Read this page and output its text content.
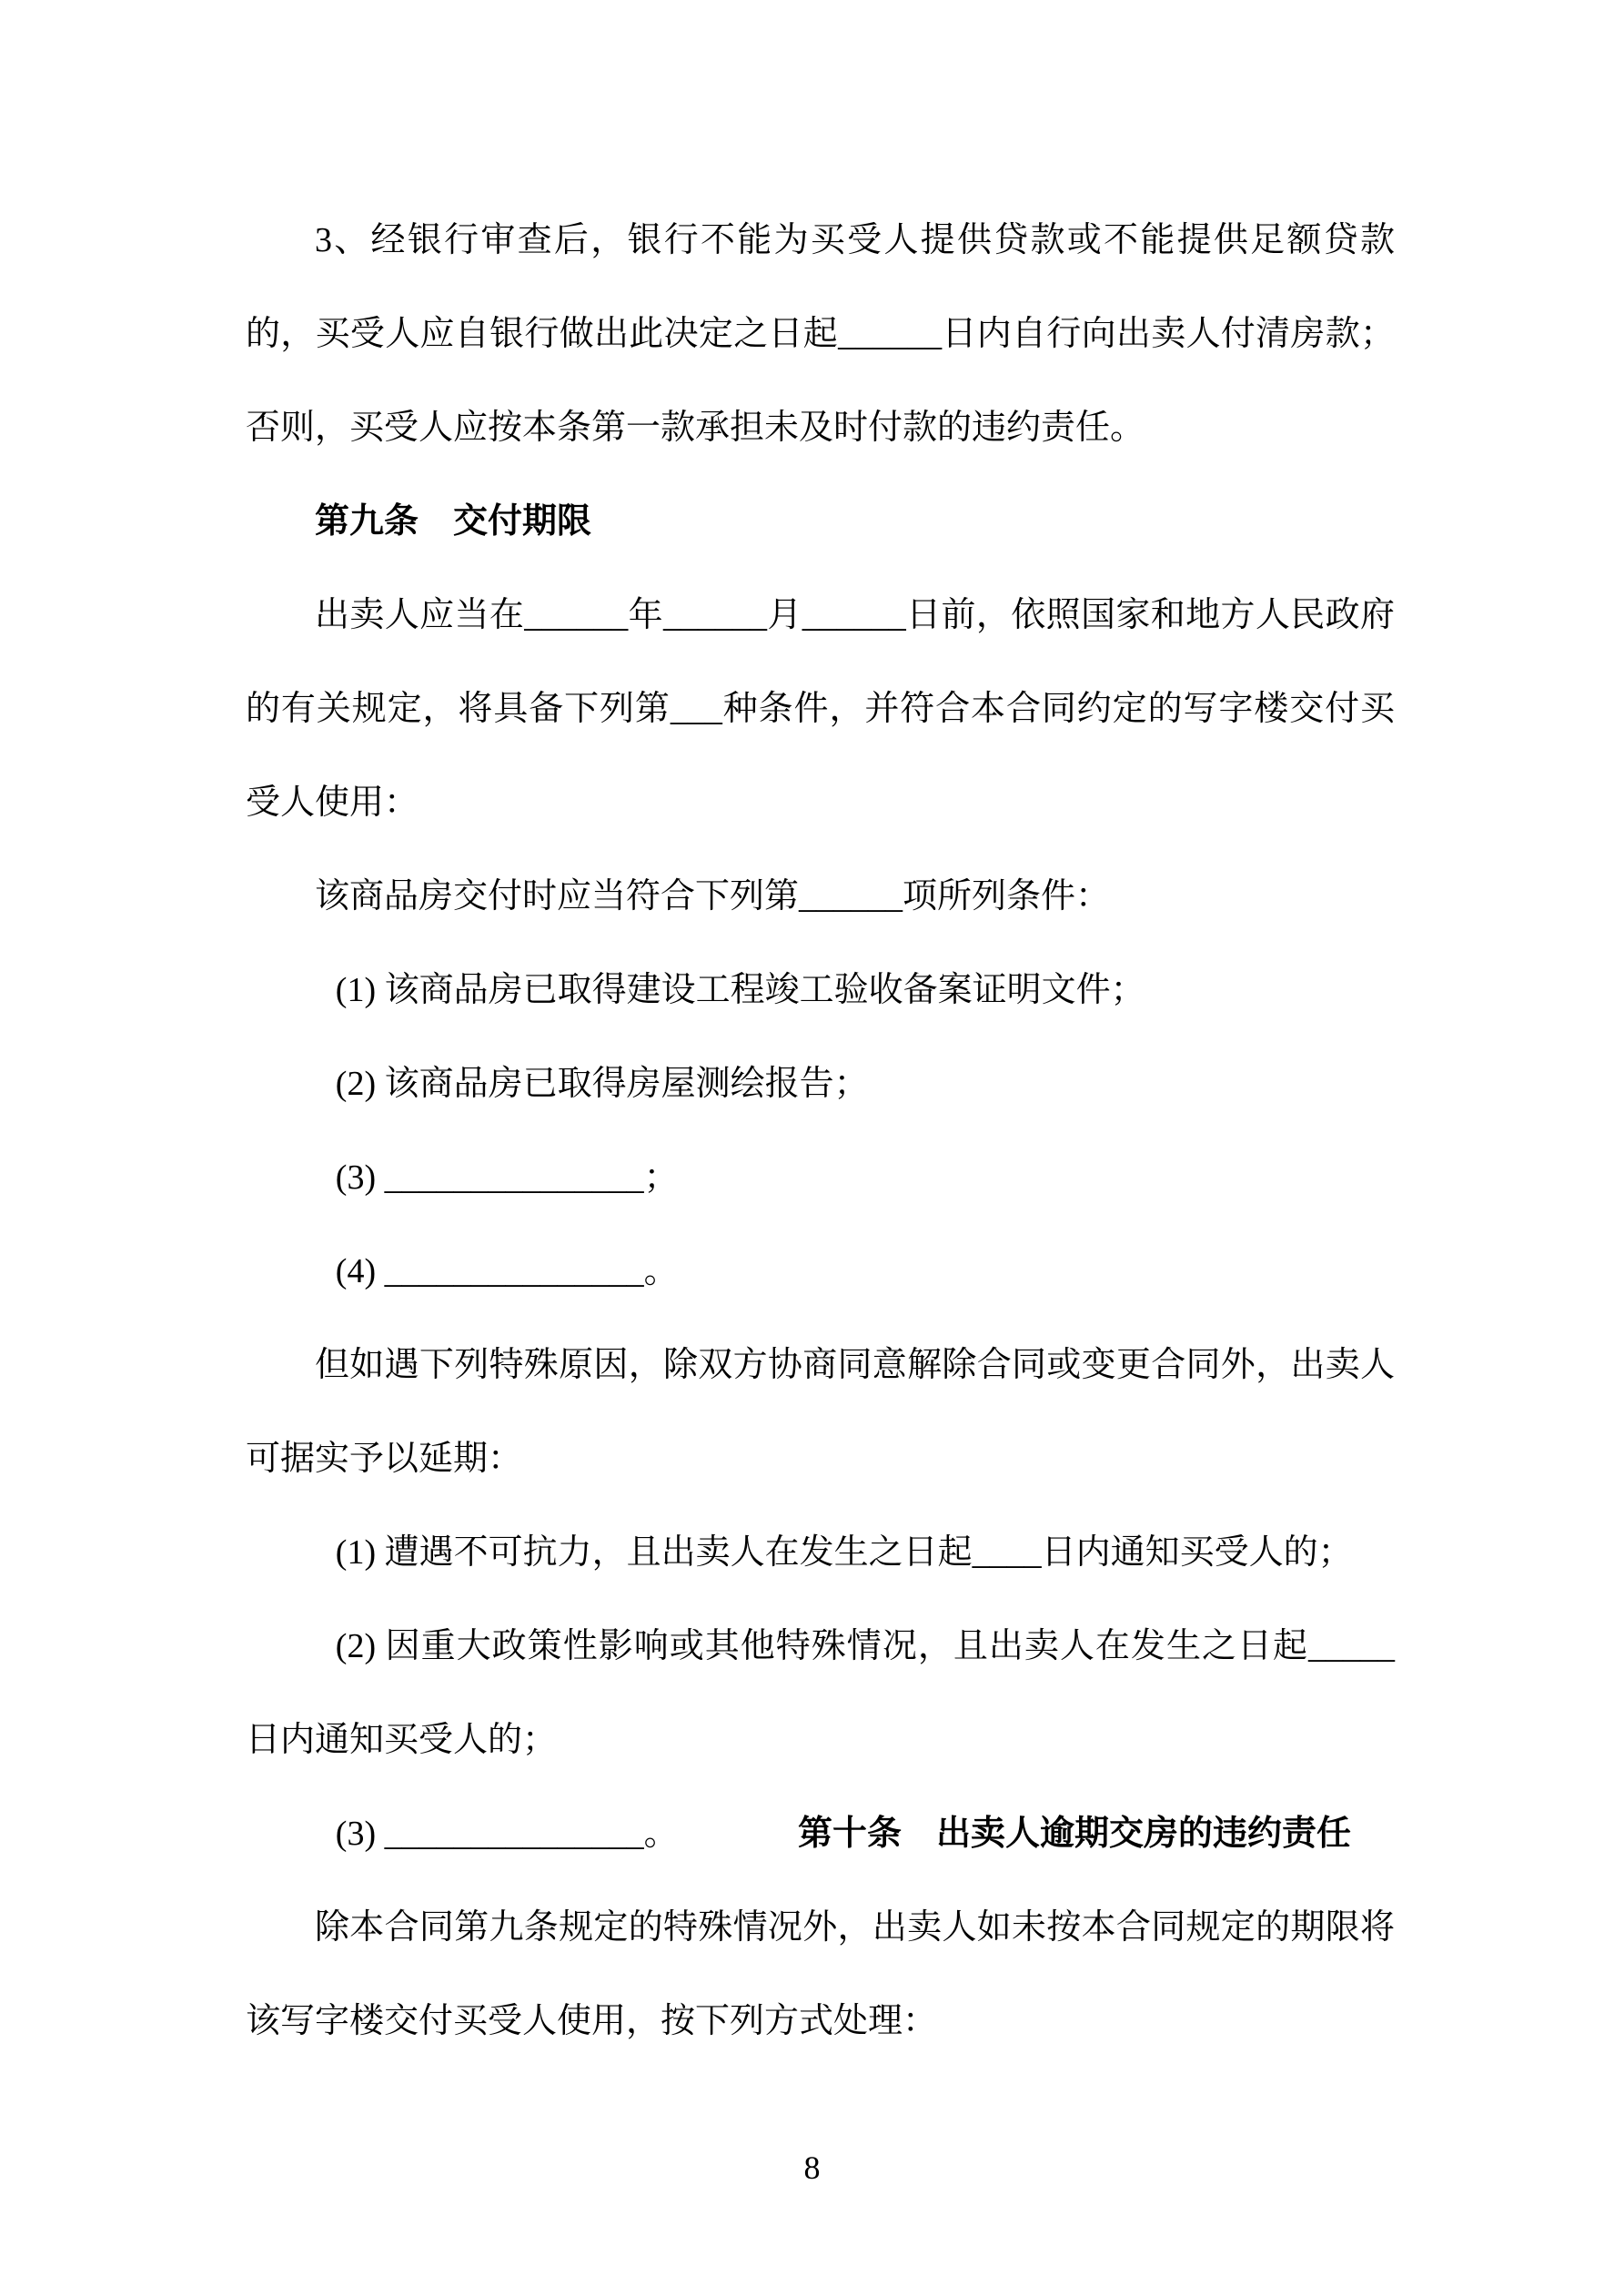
3、经银行审查后，银行不能为买受人提供贷款或不能提供足额贷款的，买受人应自银行做出此决定之日起______日内自行向出卖人付清房款；否则，买受人应按本条第一款承担未及时付款的违约责任。

第九条　交付期限

出卖人应当在______年______月______日前，依照国家和地方人民政府的有关规定，将具备下列第___种条件，并符合本合同约定的写字楼交付买受人使用：

该商品房交付时应当符合下列第______项所列条件：

(1) 该商品房已取得建设工程竣工验收备案证明文件；

(2) 该商品房已取得房屋测绘报告；

(3) _______________；

(4) _______________。

但如遇下列特殊原因，除双方协商同意解除合同或变更合同外，出卖人可据实予以延期：

(1) 遭遇不可抗力，且出卖人在发生之日起____日内通知买受人的；

(2) 因重大政策性影响或其他特殊情况，且出卖人在发生之日起_____日内通知买受人的；

(3) _______________。	第十条　出卖人逾期交房的违约责任

除本合同第九条规定的特殊情况外，出卖人如未按本合同规定的期限将该写字楼交付买受人使用，按下列方式处理：

8
